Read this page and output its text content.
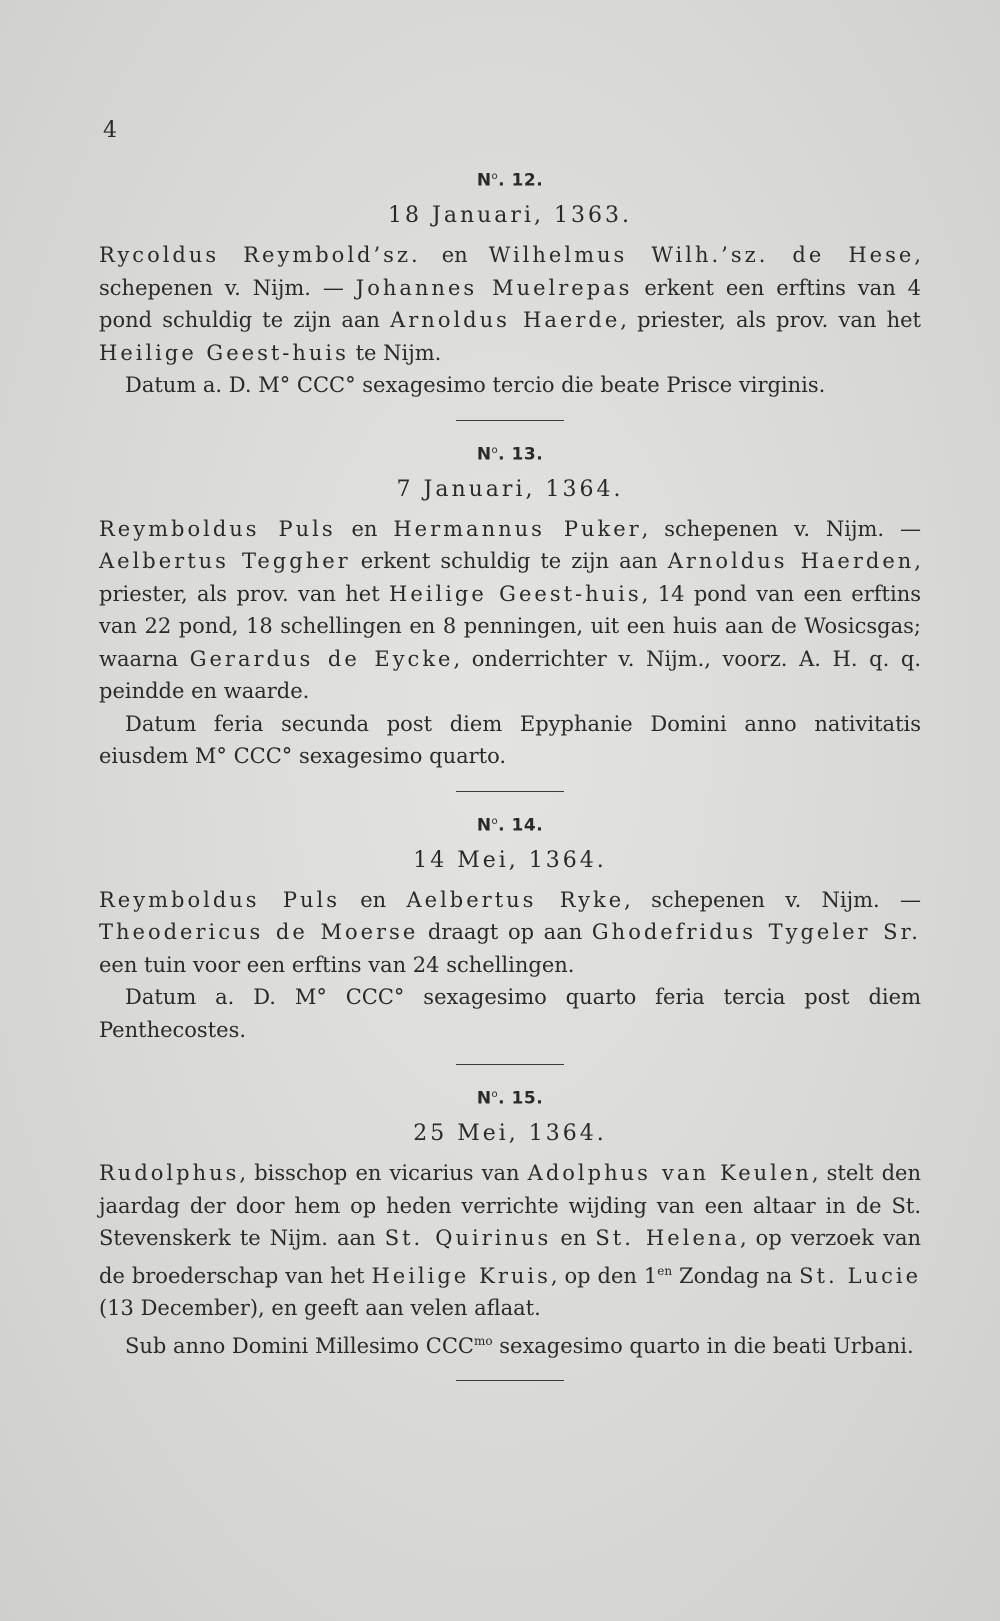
4
$N^o$. 12.
18 Januari, 1363.

Rycoldus Reymbold’sz. en Wilhelmus Wilh.’sz. de Hese, schepenen v. Nijm. — Johannes Muelrepas erkent een erftins van 4 pond schuldig te zijn aan Arnoldus Haerde, priester, als prov. van het Heilige Geest-huis te Nijm.

Datum a. D. M° CCC° sexagesimo tercio die beate Prisce virginis.

$N^o$. 13.
7 Januari, 1364.

Reymboldus Puls en Hermannus Puker, schepenen v. Nijm. — Aelbertus Teggher erkent schuldig te zijn aan Arnoldus Haerden, priester, als prov. van het Heilige Geest-huis, 14 pond van een erftins van 22 pond, 18 schellingen en 8 penningen, uit een huis aan de Wosicsgas; waarna Gerardus de Eycke, onderrichter v. Nijm., voorz. A. H. q. q. peindde en waarde.

Datum feria secunda post diem Epyphanie Domini anno nativitatis eiusdem M° CCC° sexagesimo quarto.

$N^o$. 14.
14 Mei, 1364.

Reymboldus Puls en Aelbertus Ryke, schepenen v. Nijm. — Theodericus de Moerse draagt op aan Ghodefridus Tygeler Sr. een tuin voor een erftins van 24 schellingen.

Datum a. D. M° CCC° sexagesimo quarto feria tercia post diem Penthecostes.

$N^o$. 15.
25 Mei, 1364.

Rudolphus, bisschop en vicarius van Adolphus van Keulen, stelt den jaardag der door hem op heden verrichte wijding van een altaar in de St. Stevenskerk te Nijm. aan St. Quirinus en St. Helena, op verzoek van de broederschap van het Heilige Kruis, op den $1^{en}$ Zondag na St. Lucie (13 December), en geeft aan velen aflaat.

Sub anno Domini Millesimo $CCC^{mo}$ sexagesimo quarto in die beati Urbani.
